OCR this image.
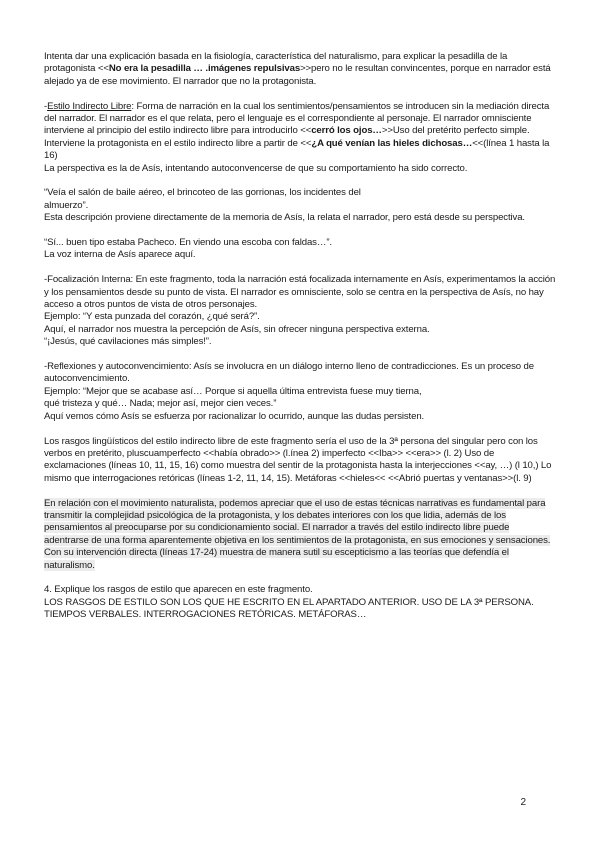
Intenta dar una explicación basada en la fisiología, característica del naturalismo, para explicar la pesadilla de la protagonista <<No era la pesadilla … .imágenes repulsivas>>pero no le resultan convincentes, porque en narrador está alejado ya de ese movimiento. El narrador que no la protagonista.

-Estilo Indirecto Libre: Forma de narración en la cual los sentimientos/pensamientos se introducen sin la mediación directa del narrador. El narrador es el que relata, pero el lenguaje es el correspondiente al personaje. El narrador omnisciente interviene al principio del estilo indirecto libre para introducirlo <<cerró los ojos…>>Uso del pretérito perfecto simple. Interviene la protagonista en el estilo indirecto libre a partir de <<¿A qué venían las hieles dichosas…<<(línea 1 hasta la 16)

La perspectiva es la de Asís, intentando autoconvencerse de que su comportamiento ha sido correcto.

“Veía el salón de baile aéreo, el brincoteo de las gorrionas, los incidentes del

almuerzo”.

Esta descripción proviene directamente de la memoria de Asís, la relata el narrador, pero está desde su perspectiva.

“Sí... buen tipo estaba Pacheco. En viendo una escoba con faldas…”.

La voz interna de Asís aparece aquí.

-Focalización Interna: En este fragmento, toda la narración está focalizada internamente en Asís, experimentamos la acción y los pensamientos desde su punto de vista. El narrador es omnisciente, solo se centra en la perspectiva de Asís, no hay acceso a otros puntos de vista de otros personajes.

Ejemplo: “Y esta punzada del corazón, ¿qué será?”.

Aquí, el narrador nos muestra la percepción de Asís, sin ofrecer ninguna perspectiva externa.

“¡Jesús, qué cavilaciones más simples!”.

-Reflexiones y autoconvencimiento: Asís se involucra en un diálogo interno lleno de contradicciones. Es un proceso de autoconvencimiento.

Ejemplo: “Mejor que se acabase así… Porque si aquella última entrevista fuese muy tierna,

qué tristeza y qué… Nada; mejor así, mejor cien veces.”

Aquí vemos cómo Asís se esfuerza por racionalizar lo ocurrido, aunque las dudas persisten.

Los rasgos lingüísticos del estilo indirecto libre de este fragmento sería el uso de la 3ª persona del singular pero con los verbos en pretérito, pluscuamperfecto <<había obrado>> (l.ínea 2) imperfecto <<Iba>> <<era>> (l. 2) Uso de exclamaciones (líneas 10, 11, 15, 16) como muestra del sentir de la protagonista hasta la interjecciones <<ay, …) (l 10,) Lo mismo que interrogaciones retóricas (líneas 1-2, 11, 14, 15). Metáforas <<hieles<< <<Abrió puertas y ventanas>>(l. 9)

En relación con el movimiento naturalista, podemos apreciar que el uso de estas técnicas narrativas es fundamental para transmitir la complejidad psicológica de la protagonista, y los debates interiores con los que lidia, además de los pensamientos al preocuparse por su condicionamiento social. El narrador a través del estilo indirecto libre puede adentrarse de una forma aparentemente objetiva en los sentimientos de la protagonista, en sus emociones y sensaciones. Con su intervención directa (líneas 17-24) muestra de manera sutil su escepticismo a las teorías que defendía el naturalismo.

4. Explique los rasgos de estilo que aparecen en este fragmento.

LOS RASGOS DE ESTILO SON LOS QUE HE ESCRITO EN EL APARTADO ANTERIOR. USO DE LA 3ª PERSONA. TIEMPOS VERBALES. INTERROGACIONES RETÓRICAS. METÁFORAS…

2
